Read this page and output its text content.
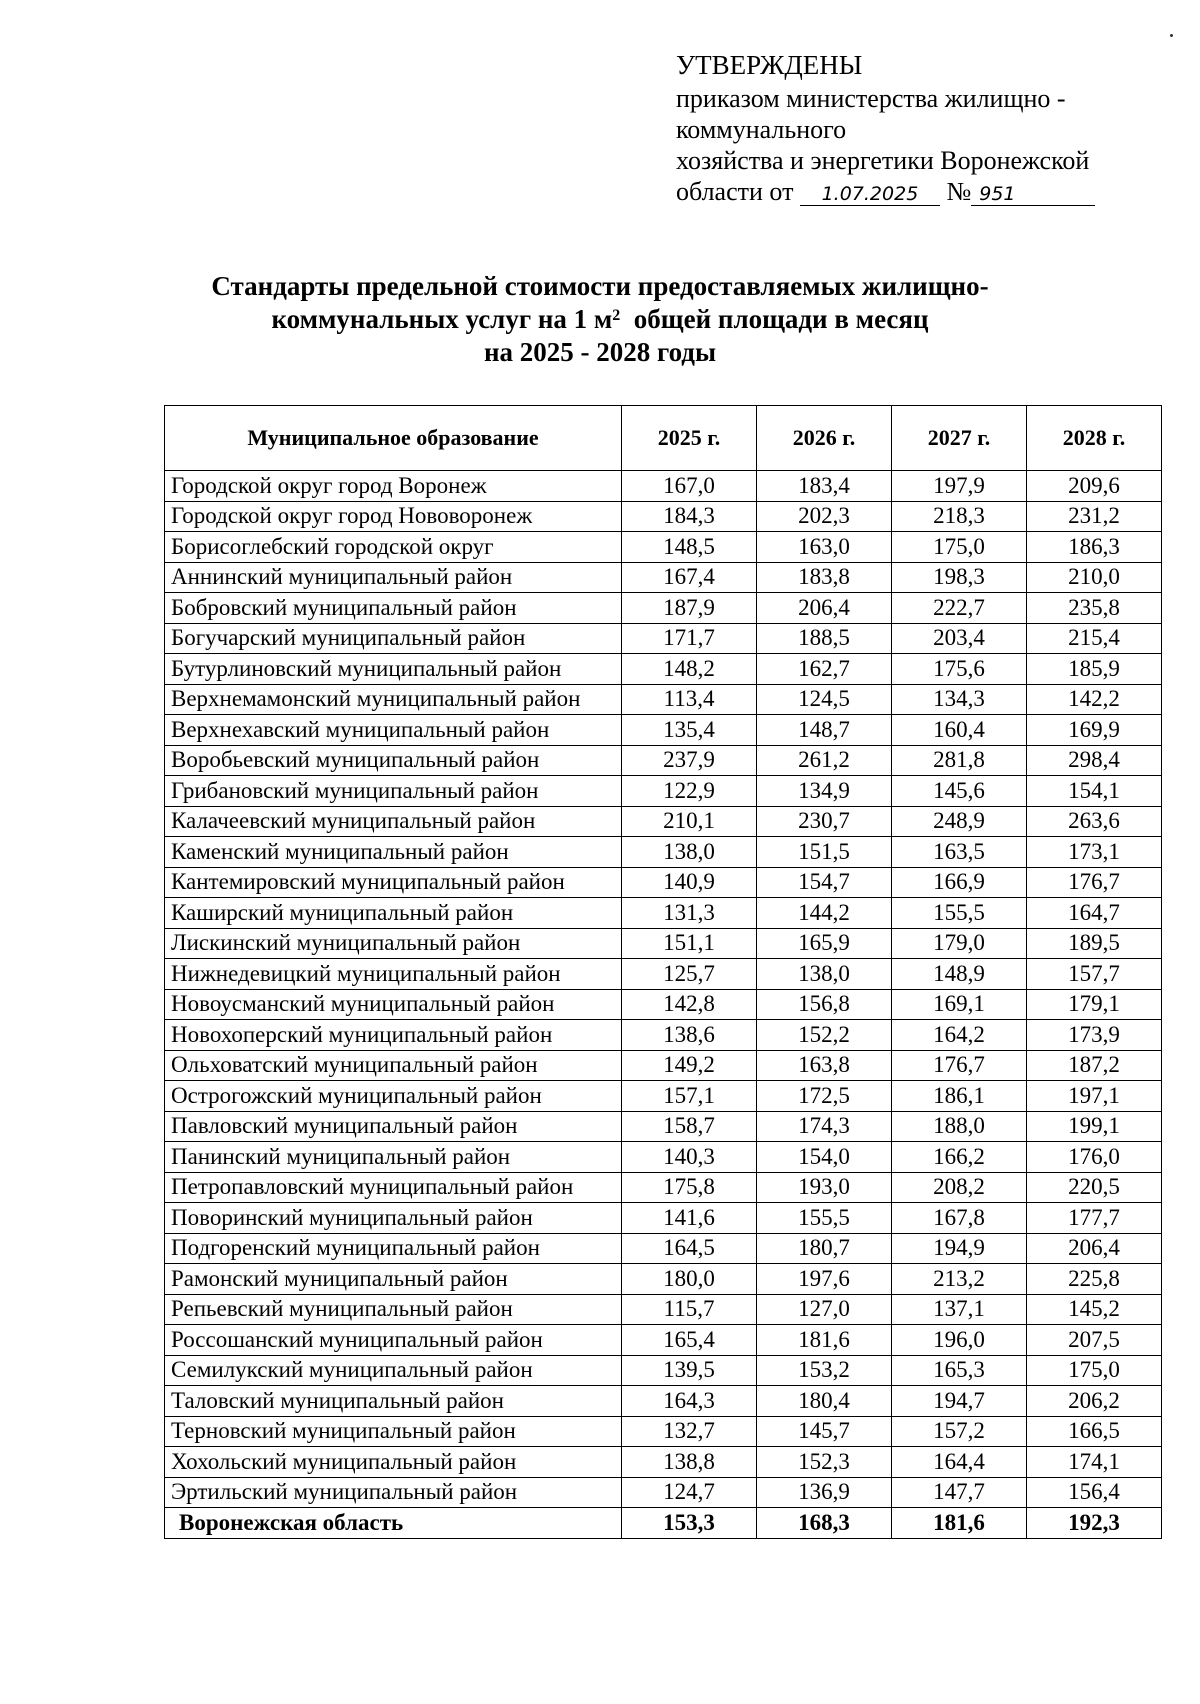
УТВЕРЖДЕНЫ
приказом министерства жилищно -
коммунального
хозяйства и энергетики Воронежской
области от 1.07.2025 № 951
Стандарты предельной стоимости предоставляемых жилищно-
коммунальных услуг на 1 $м^2$ общей площади в месяц
на 2025 - 2028 годы
Муниципальное образование	2025 г.	2026 г.	2027 г.	2028 г.
Городской округ город Воронеж	167,0	183,4	197,9	209,6
Городской округ город Нововоронеж	184,3	202,3	218,3	231,2
Борисоглебский городской округ	148,5	163,0	175,0	186,3
Аннинский муниципальный район	167,4	183,8	198,3	210,0
Бобровский муниципальный район	187,9	206,4	222,7	235,8
Богучарский муниципальный район	171,7	188,5	203,4	215,4
Бутурлиновский муниципальный район	148,2	162,7	175,6	185,9
Верхнемамонский муниципальный район	113,4	124,5	134,3	142,2
Верхнехавский муниципальный район	135,4	148,7	160,4	169,9
Воробьевский муниципальный район	237,9	261,2	281,8	298,4
Грибановский муниципальный район	122,9	134,9	145,6	154,1
Калачеевский муниципальный район	210,1	230,7	248,9	263,6
Каменский муниципальный район	138,0	151,5	163,5	173,1
Кантемировский муниципальный район	140,9	154,7	166,9	176,7
Каширский муниципальный район	131,3	144,2	155,5	164,7
Лискинский муниципальный район	151,1	165,9	179,0	189,5
Нижнедевицкий муниципальный район	125,7	138,0	148,9	157,7
Новоусманский муниципальный район	142,8	156,8	169,1	179,1
Новохоперский муниципальный район	138,6	152,2	164,2	173,9
Ольховатский муниципальный район	149,2	163,8	176,7	187,2
Острогожский муниципальный район	157,1	172,5	186,1	197,1
Павловский муниципальный район	158,7	174,3	188,0	199,1
Панинский муниципальный район	140,3	154,0	166,2	176,0
Петропавловский муниципальный район	175,8	193,0	208,2	220,5
Поворинский муниципальный район	141,6	155,5	167,8	177,7
Подгоренский муниципальный район	164,5	180,7	194,9	206,4
Рамонский муниципальный район	180,0	197,6	213,2	225,8
Репьевский муниципальный район	115,7	127,0	137,1	145,2
Россошанский муниципальный район	165,4	181,6	196,0	207,5
Семилукский муниципальный район	139,5	153,2	165,3	175,0
Таловский муниципальный район	164,3	180,4	194,7	206,2
Терновский муниципальный район	132,7	145,7	157,2	166,5
Хохольский муниципальный район	138,8	152,3	164,4	174,1
Эртильский муниципальный район	124,7	136,9	147,7	156,4
Воронежская область	153,3	168,3	181,6	192,3
